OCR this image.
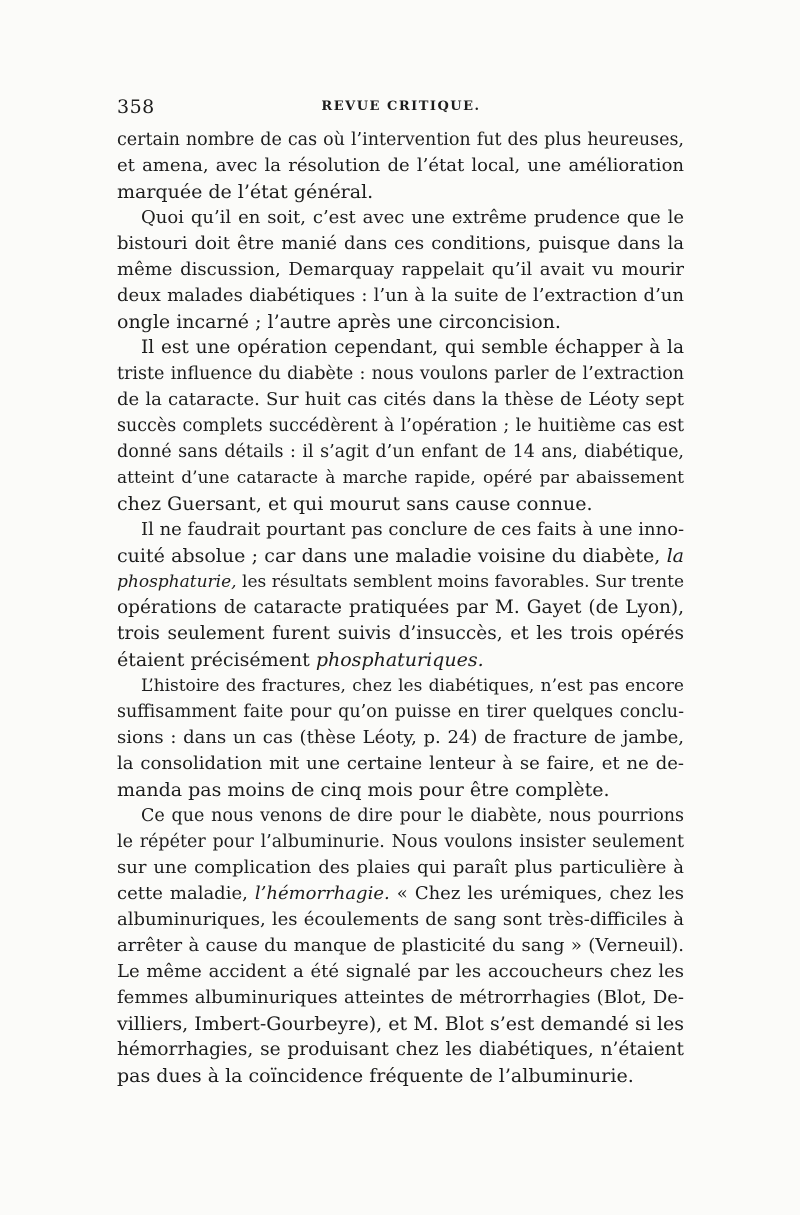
358	REVUE CRITIQUE.
certain nombre de cas où l’intervention fut des plus heureuses,
et amena, avec la résolution de l’état local, une amélioration
marquée de l’état général.
Quoi qu’il en soit, c’est avec une extrême prudence que le
bistouri doit être manié dans ces conditions, puisque dans la
même discussion, Demarquay rappelait qu’il avait vu mourir
deux malades diabétiques : l’un à la suite de l’extraction d’un
ongle incarné ; l’autre après une circoncision.
Il est une opération cependant, qui semble échapper à la
triste influence du diabète : nous voulons parler de l’extraction
de la cataracte. Sur huit cas cités dans la thèse de Léoty sept
succès complets succédèrent à l’opération ; le huitième cas est
donné sans détails : il s’agit d’un enfant de 14 ans, diabétique,
atteint d’une cataracte à marche rapide, opéré par abaissement
chez Guersant, et qui mourut sans cause connue.
Il ne faudrait pourtant pas conclure de ces faits à une inno-
cuité absolue ; car dans une maladie voisine du diabète, la
phosphaturie, les résultats semblent moins favorables. Sur trente
opérations de cataracte pratiquées par M. Gayet (de Lyon),
trois seulement furent suivis d’insuccès, et les trois opérés
étaient précisément phosphaturiques.
L’histoire des fractures, chez les diabétiques, n’est pas encore
suffisamment faite pour qu’on puisse en tirer quelques conclu-
sions : dans un cas (thèse Léoty, p. 24) de fracture de jambe,
la consolidation mit une certaine lenteur à se faire, et ne de-
manda pas moins de cinq mois pour être complète.
Ce que nous venons de dire pour le diabète, nous pourrions
le répéter pour l’albuminurie. Nous voulons insister seulement
sur une complication des plaies qui paraît plus particulière à
cette maladie, l’hémorrhagie. « Chez les urémiques, chez les
albuminuriques, les écoulements de sang sont très-difficiles à
arrêter à cause du manque de plasticité du sang » (Verneuil).
Le même accident a été signalé par les accoucheurs chez les
femmes albuminuriques atteintes de métrorrhagies (Blot, De-
villiers, Imbert-Gourbeyre), et M. Blot s’est demandé si les
hémorrhagies, se produisant chez les diabétiques, n’étaient
pas dues à la coïncidence fréquente de l’albuminurie.
